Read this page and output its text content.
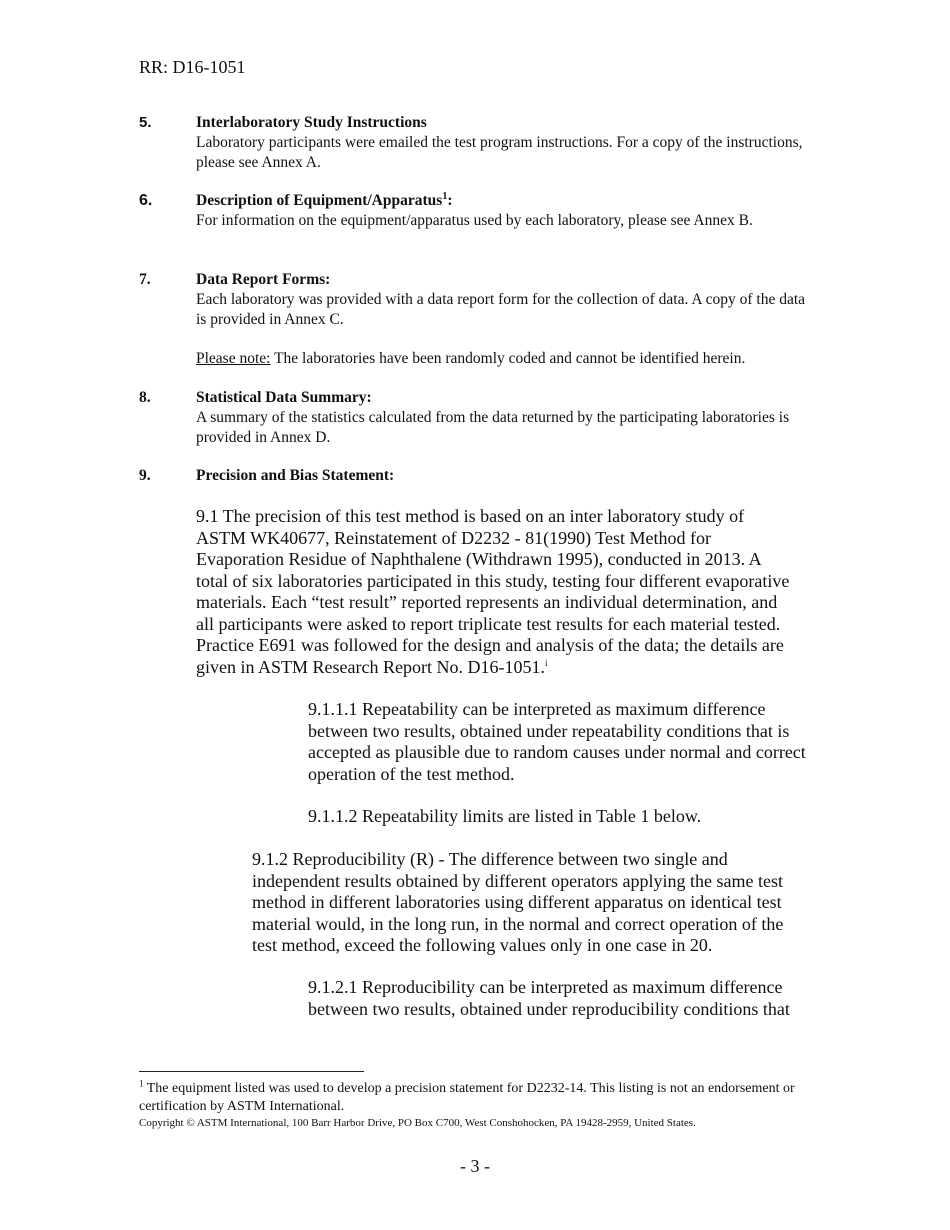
RR: D16-1051
5.	Interlaboratory Study Instructions
Laboratory participants were emailed the test program instructions. For a copy of the instructions, please see Annex A.
6.	Description of Equipment/Apparatus$^1$:
For information on the equipment/apparatus used by each laboratory, please see Annex B.
7.	Data Report Forms:
Each laboratory was provided with a data report form for the collection of data. A copy of the data is provided in Annex C.
Please note: The laboratories have been randomly coded and cannot be identified herein.
8.	Statistical Data Summary:
A summary of the statistics calculated from the data returned by the participating laboratories is provided in Annex D.
9.	Precision and Bias Statement:
9.1 The precision of this test method is based on an inter laboratory study of ASTM WK40677, Reinstatement of D2232 - 81(1990) Test Method for Evaporation Residue of Naphthalene (Withdrawn 1995), conducted in 2013. A total of six laboratories participated in this study, testing four different evaporative materials. Each “test result” reported represents an individual determination, and all participants were asked to report triplicate test results for each material tested. Practice E691 was followed for the design and analysis of the data; the details are given in ASTM Research Report No. D16-1051.$^i$
9.1.1.1 Repeatability can be interpreted as maximum difference between two results, obtained under repeatability conditions that is accepted as plausible due to random causes under normal and correct operation of the test method.
9.1.1.2 Repeatability limits are listed in Table 1 below.
9.1.2 Reproducibility (R) - The difference between two single and independent results obtained by different operators applying the same test method in different laboratories using different apparatus on identical test material would, in the long run, in the normal and correct operation of the test method, exceed the following values only in one case in 20.
9.1.2.1 Reproducibility can be interpreted as maximum difference between two results, obtained under reproducibility conditions that
$^1$ The equipment listed was used to develop a precision statement for D2232-14. This listing is not an endorsement or certification by ASTM International.
Copyright © ASTM International, 100 Barr Harbor Drive, PO Box C700, West Conshohocken, PA 19428-2959, United States.
- 3 -
